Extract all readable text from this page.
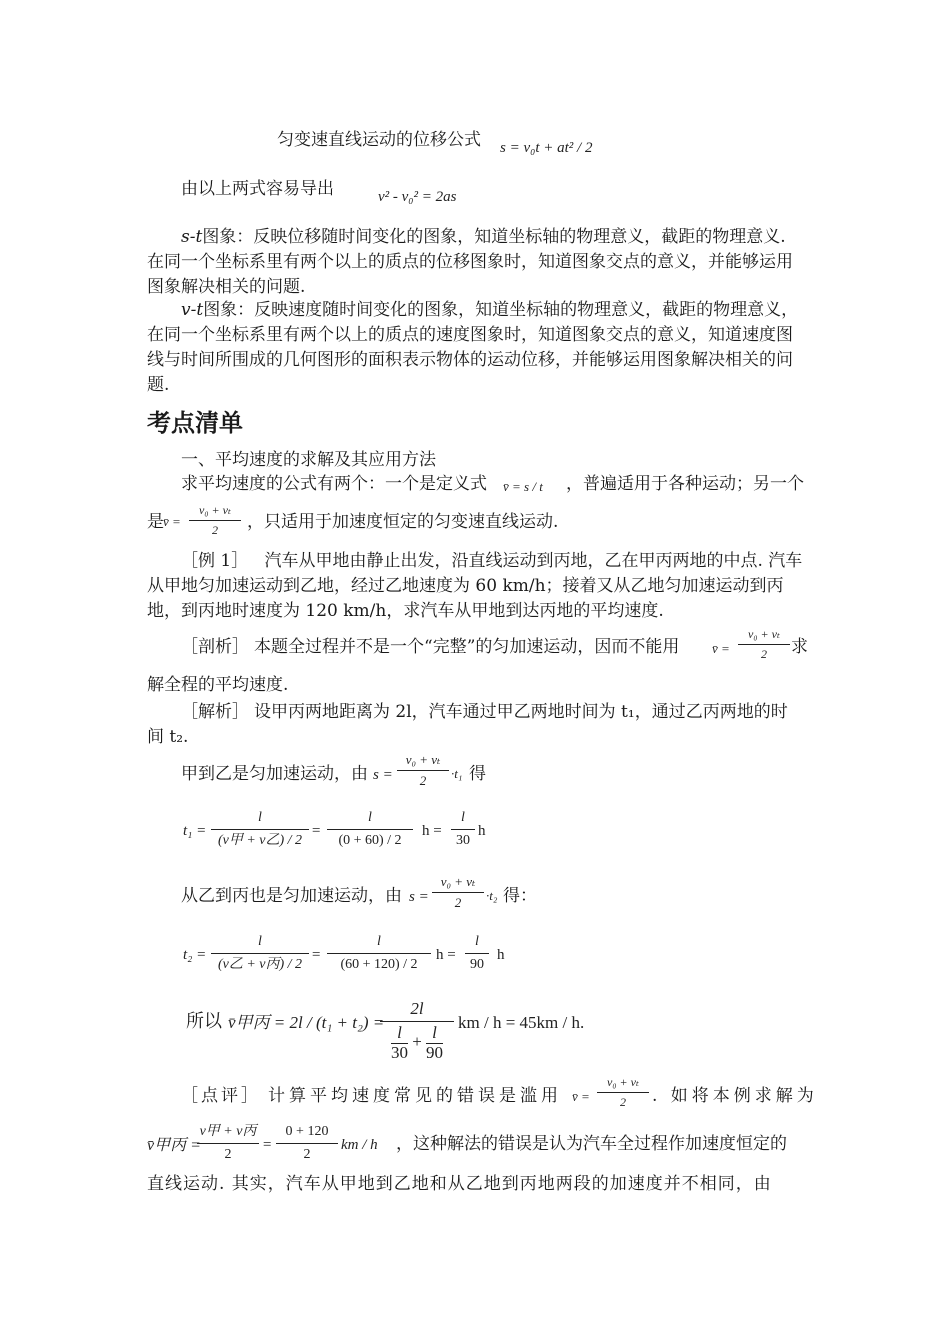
匀变速直线运动的位移公式 s = v₀t + at² / 2
由以上两式容易导出	v² - v₀² = 2as
s-t图象：反映位移随时间变化的图象，知道坐标轴的物理意义，截距的物理意义. 在同一个坐标系里有两个以上的质点的位移图象时，知道图象交点的意义，并能够运用图象解决相关的问题.
v-t图象：反映速度随时间变化的图象，知道坐标轴的物理意义，截距的物理意义，在同一个坐标系里有两个以上的质点的速度图象时，知道图象交点的意义，知道速度图线与时间所围成的几何图形的面积表示物体的运动位移，并能够运用图象解决相关的问题.
考点清单
一、平均速度的求解及其应用方法
求平均速度的公式有两个：一个是定义式 v̄ = s / t ，普遍适用于各种运动；另一个
是 v̄ =
v₀ + vₜ
2	，只适用于加速度恒定的匀变速直线运动.
［例 1］ 汽车从甲地由静止出发，沿直线运动到丙地，乙在甲丙两地的中点. 汽车从甲地匀加速运动到乙地，经过乙地速度为 60 km/h；接着又从乙地匀加速运动到丙地，到丙地时速度为 120 km/h，求汽车从甲地到达丙地的平均速度.
［剖析］ 本题全过程并不是一个“完整”的匀加速运动，因而不能用	v̄ =
v₀ + vₜ
2	求
解全程的平均速度.
［解析］ 设甲丙两地距离为 2l，汽车通过甲乙两地时间为 t₁，通过乙丙两地的时
间 t₂.
甲到乙是匀加速运动，由 s =
v₀ + vₜ
2	·t₁ 得
t₁ =
l
(v甲 + v乙) / 2
=
l
(0 + 60) / 2
h =
l
30
h
从乙到丙也是匀加速运动，由 s =
v₀ + vₜ
2	·t₂ 得：
t₂ =
l
(v乙 + v丙) / 2
=
l
(60 + 120) / 2
h =
l
90
h
所以 v̄甲丙 = 2l / (t₁ + t₂) =
2l
$\frac{l}{30} + \frac{l}{90}$
km / h = 45km / h.
［点评］ 计算平均速度常见的错误是滥用 v̄ =
v₀ + vₜ
2	. 如将本例求解为
v̄甲丙 =
v甲 + v丙
2
=
0 + 120
2
km / h ，这种解法的错误是认为汽车全过程作加速度恒定的
直线运动. 其实，汽车从甲地到乙地和从乙地到丙地两段的加速度并不相同，由
